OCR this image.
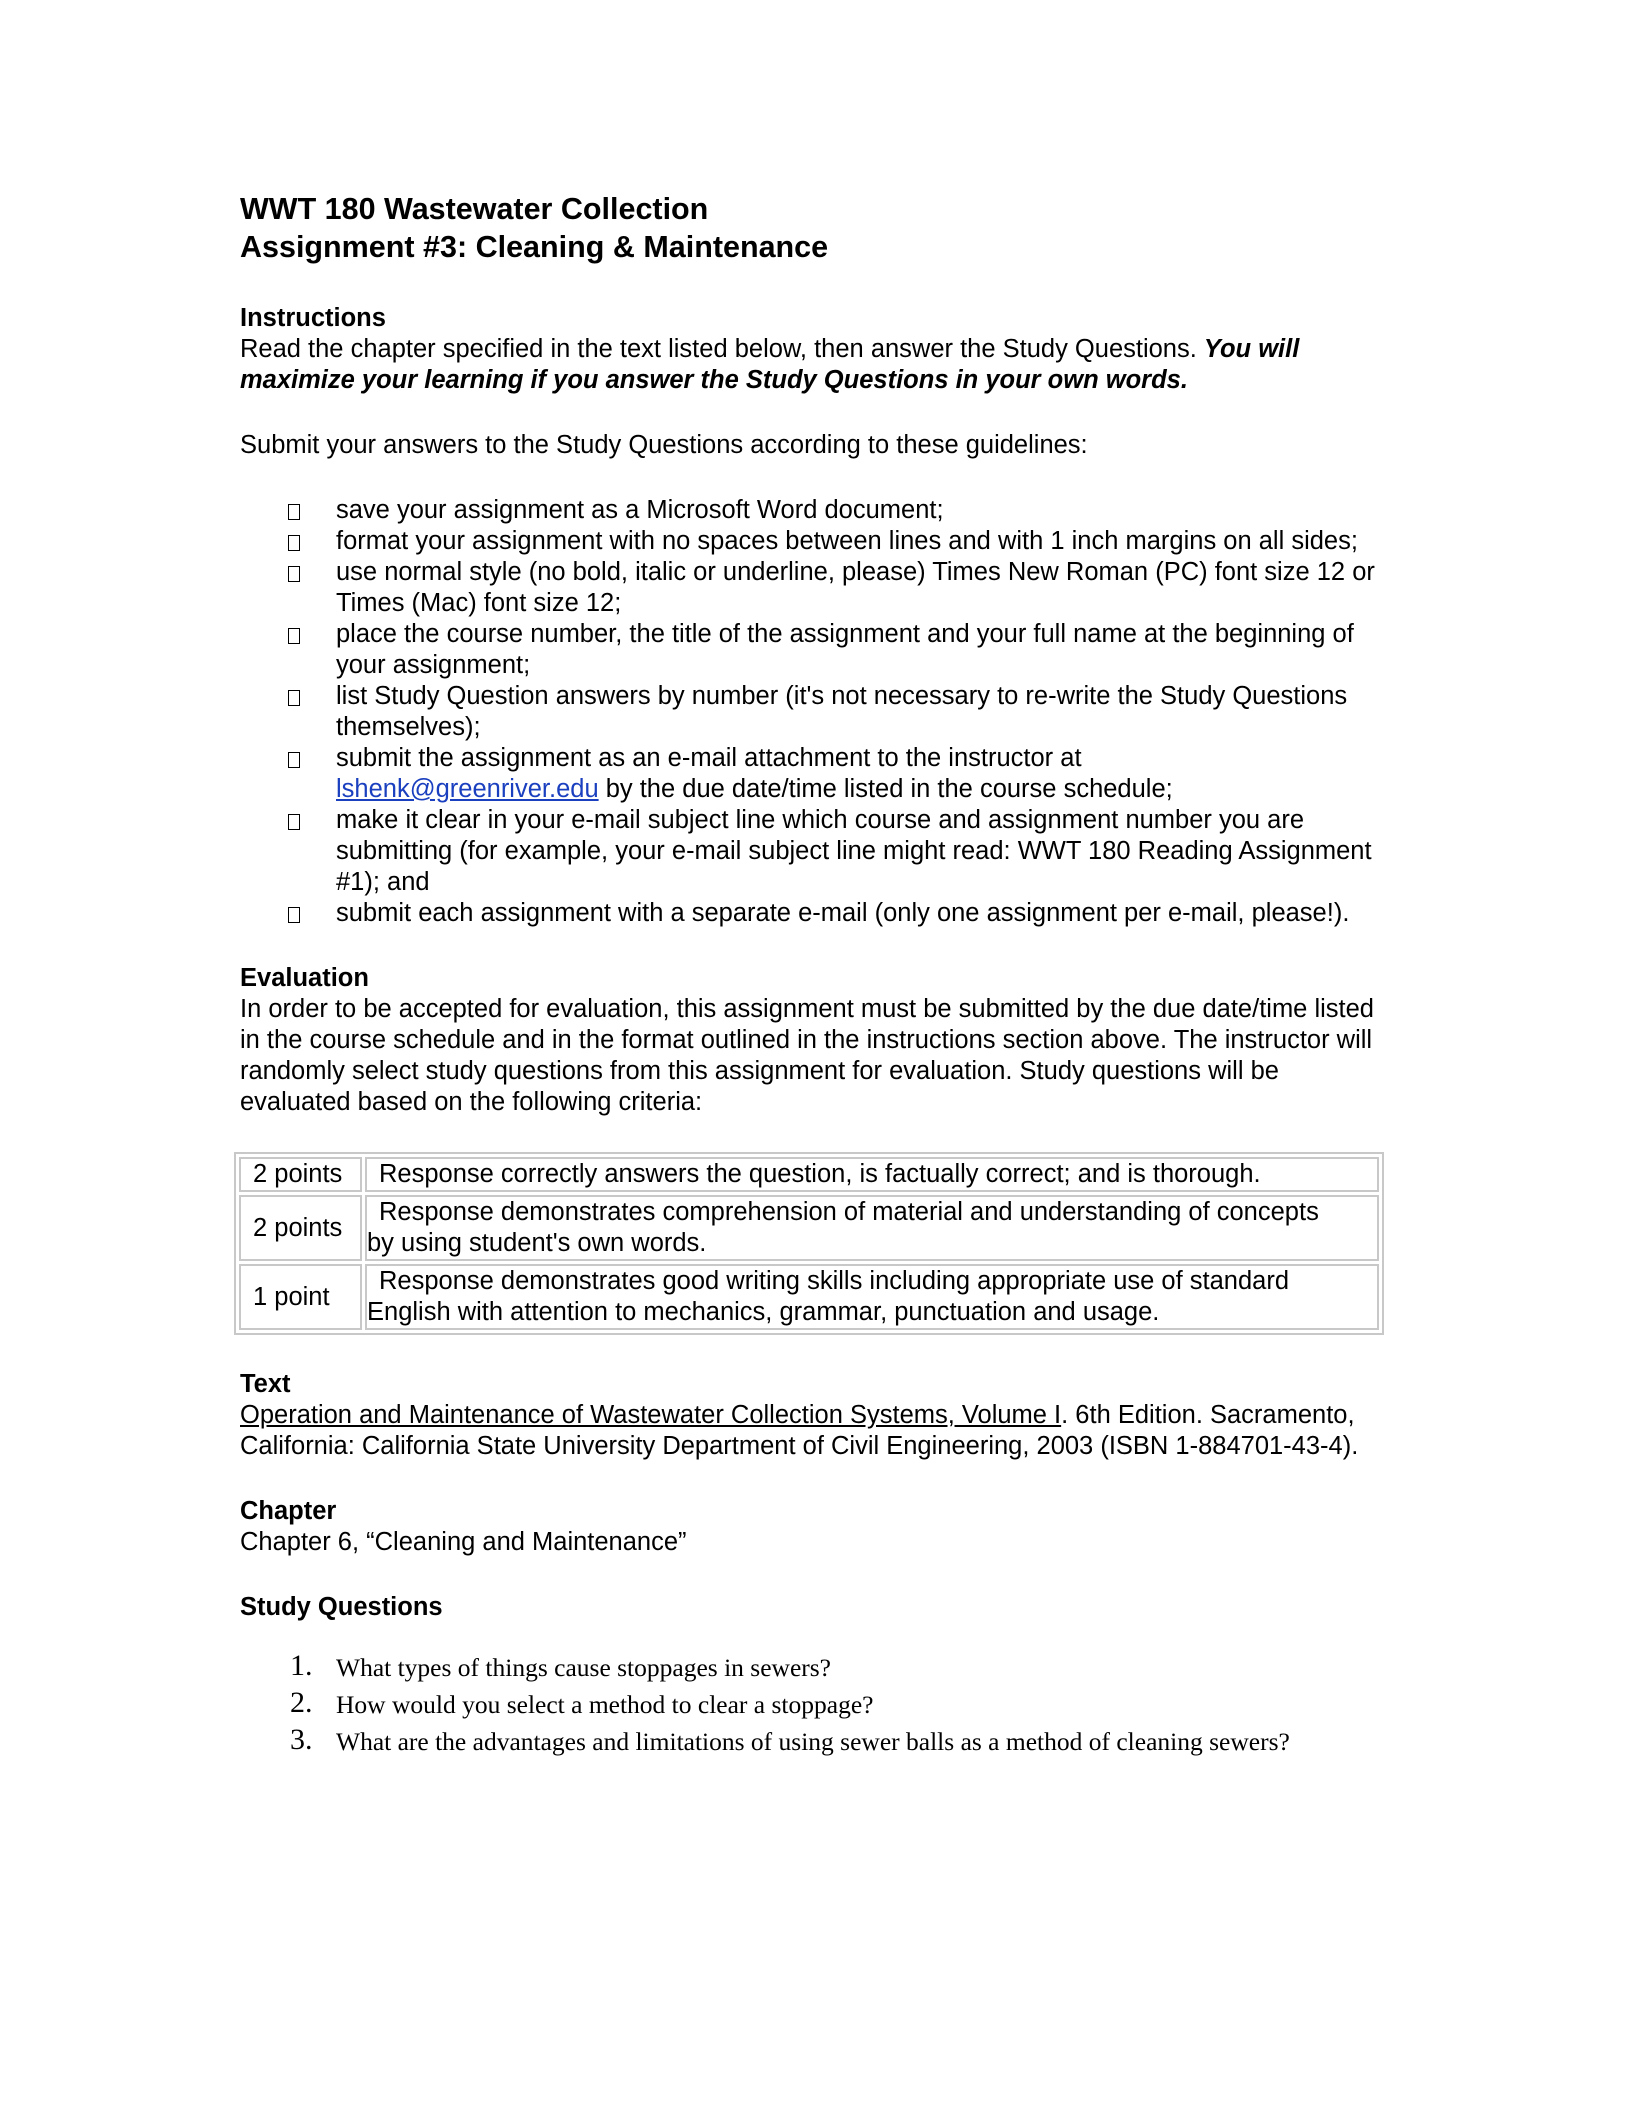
WWT 180 Wastewater Collection

Assignment #3: Cleaning & Maintenance

Instructions

Read the chapter specified in the text listed below, then answer the Study Questions. You will maximize your learning if you answer the Study Questions in your own words.

Submit your answers to the Study Questions according to these guidelines:

save your assignment as a Microsoft Word document;
format your assignment with no spaces between lines and with 1 inch margins on all sides;
use normal style (no bold, italic or underline, please) Times New Roman (PC) font size 12 or Times (Mac) font size 12;
place the course number, the title of the assignment and your full name at the beginning of your assignment;
list Study Question answers by number (it's not necessary to re-write the Study Questions themselves);
submit the assignment as an e-mail attachment to the instructor at
lshenk@greenriver.edu by the due date/time listed in the course schedule;
make it clear in your e-mail subject line which course and assignment number you are submitting (for example, your e-mail subject line might read: WWT 180 Reading Assignment #1); and
submit each assignment with a separate e-mail (only one assignment per e-mail, please!).

Evaluation

In order to be accepted for evaluation, this assignment must be submitted by the due date/time listed in the course schedule and in the format outlined in the instructions section above. The instructor will randomly select study questions from this assignment for evaluation. Study questions will be evaluated based on the following criteria:

2 points	Response correctly answers the question, is factually correct; and is thorough.

2 points	Response demonstrates comprehension of material and understanding of concepts
by using student's own words.

1 point	Response demonstrates good writing skills including appropriate use of standard
English with attention to mechanics, grammar, punctuation and usage.

Text

Operation and Maintenance of Wastewater Collection Systems, Volume I. 6th Edition. Sacramento, California: California State University Department of Civil Engineering, 2003 (ISBN 1-884701-43-4).

Chapter

Chapter 6, “Cleaning and Maintenance”

Study Questions

1. What types of things cause stoppages in sewers?
2. How would you select a method to clear a stoppage?
3. What are the advantages and limitations of using sewer balls as a method of cleaning sewers?
